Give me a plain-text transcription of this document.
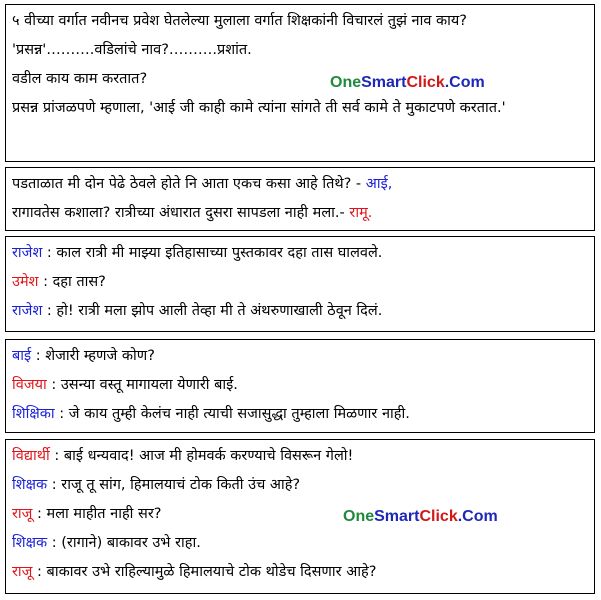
५ वीच्या वर्गात नवीनच प्रवेश घेतलेल्या मुलाला वर्गात शिक्षकांनी विचारलं तुझं नाव काय?
'प्रसन्न'……….वडिलांचे नाव?……….प्रशांत.
वडील काय काम करतात?
प्रसन्न प्रांजळपणे म्हणाला, 'आई जी काही कामे त्यांना सांगते ती सर्व कामे ते मुकाटपणे करतात.'
OneSmartClick.Com
पडताळात मी दोन पेढे ठेवले होते नि आता एकच कसा आहे तिथे? - आई,
रागावतेस कशाला? रात्रीच्या अंधारात दुसरा सापडला नाही मला.- रामू.
राजेश : काल रात्री मी माझ्या इतिहासाच्या पुस्तकावर दहा तास घालवले.
उमेश : दहा तास?
राजेश : हो! रात्री मला झोप आली तेव्हा मी ते अंथरुणाखाली ठेवून दिलं.
बाई : शेजारी म्हणजे कोण?
विजया : उसन्या वस्तू मागायला येणारी बाई.
शिक्षिका : जे काय तुम्ही केलंच नाही त्याची सजासुद्धा तुम्हाला मिळणार नाही.
विद्यार्थी : बाई धन्यवाद! आज मी होमवर्क करण्याचे विसरून गेलो!
शिक्षक : राजू तू सांग, हिमालयाचं टोक किती उंच आहे?
राजू : मला माहीत नाही सर?
शिक्षक : (रागाने) बाकावर उभे राहा.
राजू : बाकावर उभे राहिल्यामुळे हिमालयाचे टोक थोडेच दिसणार आहे?
OneSmartClick.Com
